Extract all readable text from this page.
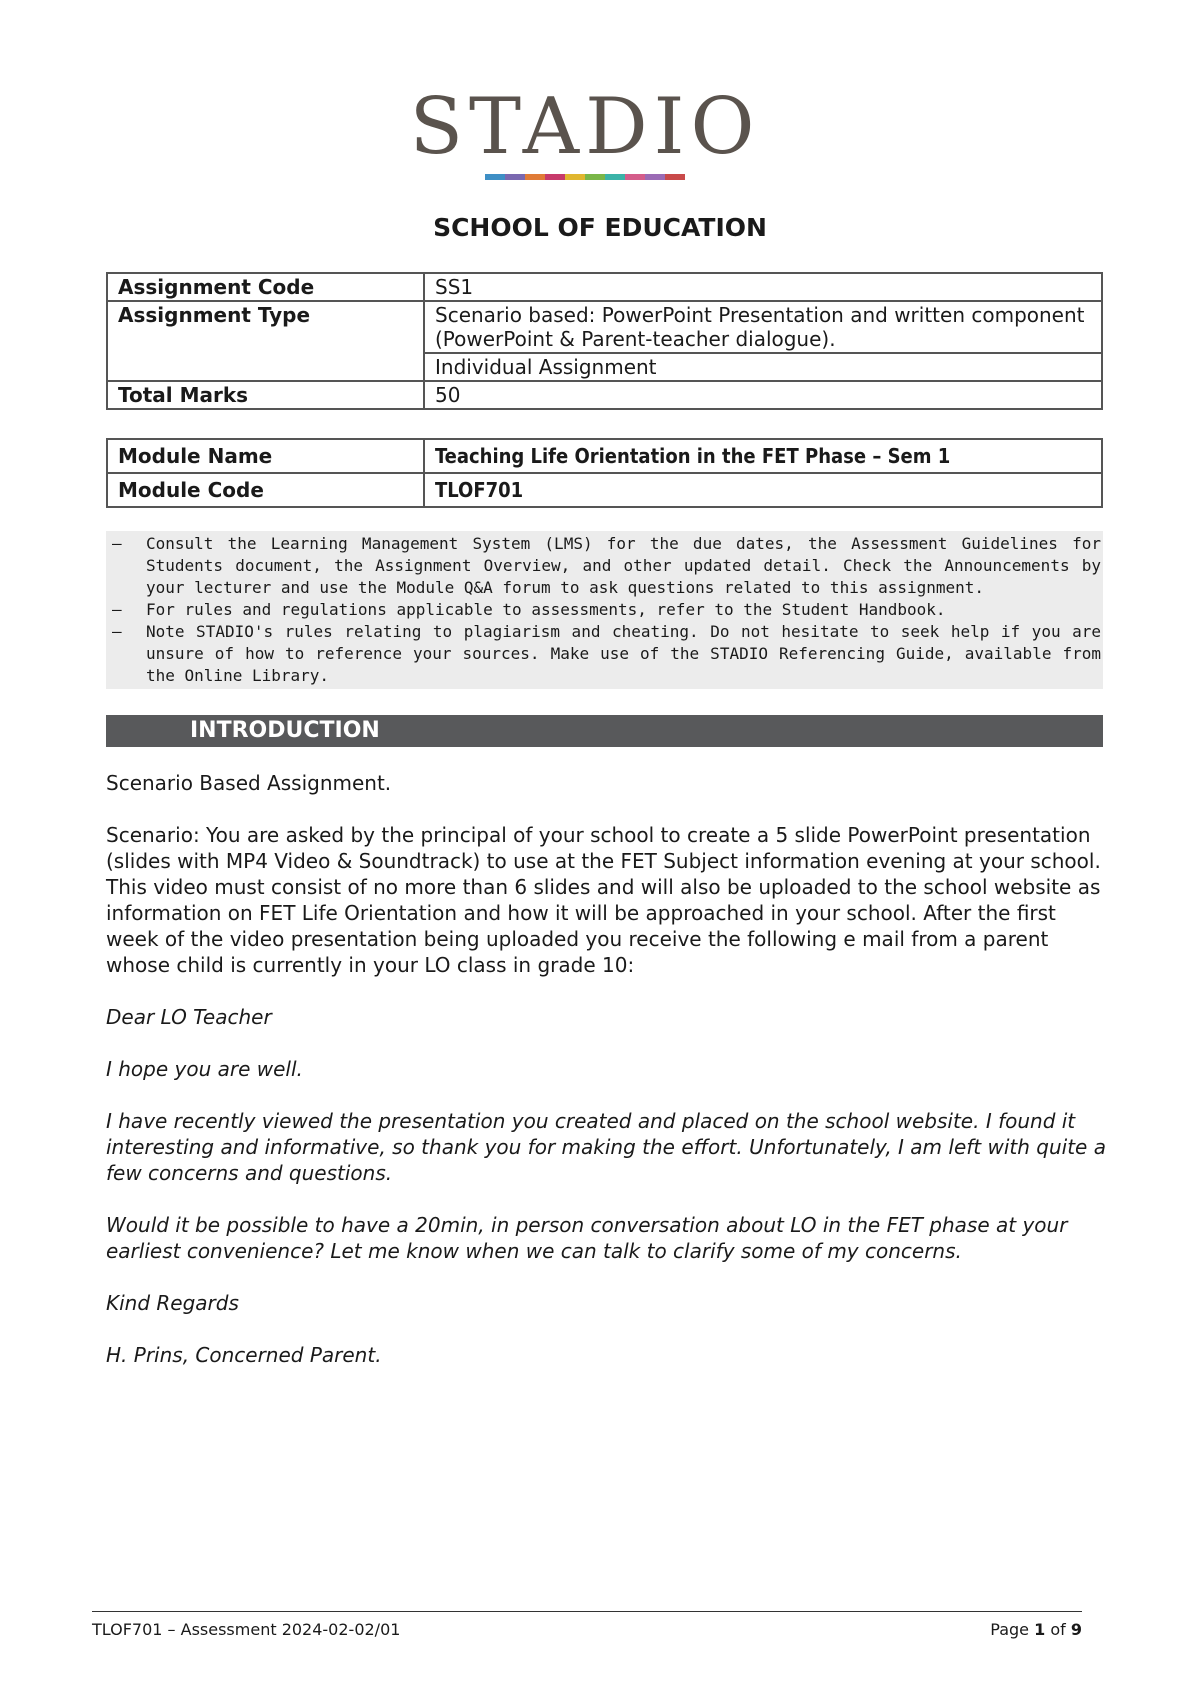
STADIO
SCHOOL OF EDUCATION
Assignment Code	SS1
Assignment Type	Scenario based: PowerPoint Presentation and written component (PowerPoint & Parent-teacher dialogue).
	Individual Assignment
Total Marks	50
Module Name	Teaching Life Orientation in the FET Phase – Sem 1
Module Code	TLOF701
– Consult the Learning Management System (LMS) for the due dates, the Assessment Guidelines for Students document, the Assignment Overview, and other updated detail. Check the Announcements by your lecturer and use the Module Q&A forum to ask questions related to this assignment.
– For rules and regulations applicable to assessments, refer to the Student Handbook.
– Note STADIO's rules relating to plagiarism and cheating. Do not hesitate to seek help if you are unsure of how to reference your sources. Make use of the STADIO Referencing Guide, available from the Online Library.
INTRODUCTION

Scenario Based Assignment.

Scenario: You are asked by the principal of your school to create a 5 slide PowerPoint presentation (slides with MP4 Video & Soundtrack) to use at the FET Subject information evening at your school. This video must consist of no more than 6 slides and will also be uploaded to the school website as information on FET Life Orientation and how it will be approached in your school. After the first week of the video presentation being uploaded you receive the following e mail from a parent whose child is currently in your LO class in grade 10:

Dear LO Teacher

I hope you are well.

I have recently viewed the presentation you created and placed on the school website. I found it interesting and informative, so thank you for making the effort. Unfortunately, I am left with quite a few concerns and questions.

Would it be possible to have a 20min, in person conversation about LO in the FET phase at your earliest convenience? Let me know when we can talk to clarify some of my concerns.

Kind Regards

H. Prins, Concerned Parent.

TLOF701 – Assessment 2024-02-02/01	Page 1 of 9
